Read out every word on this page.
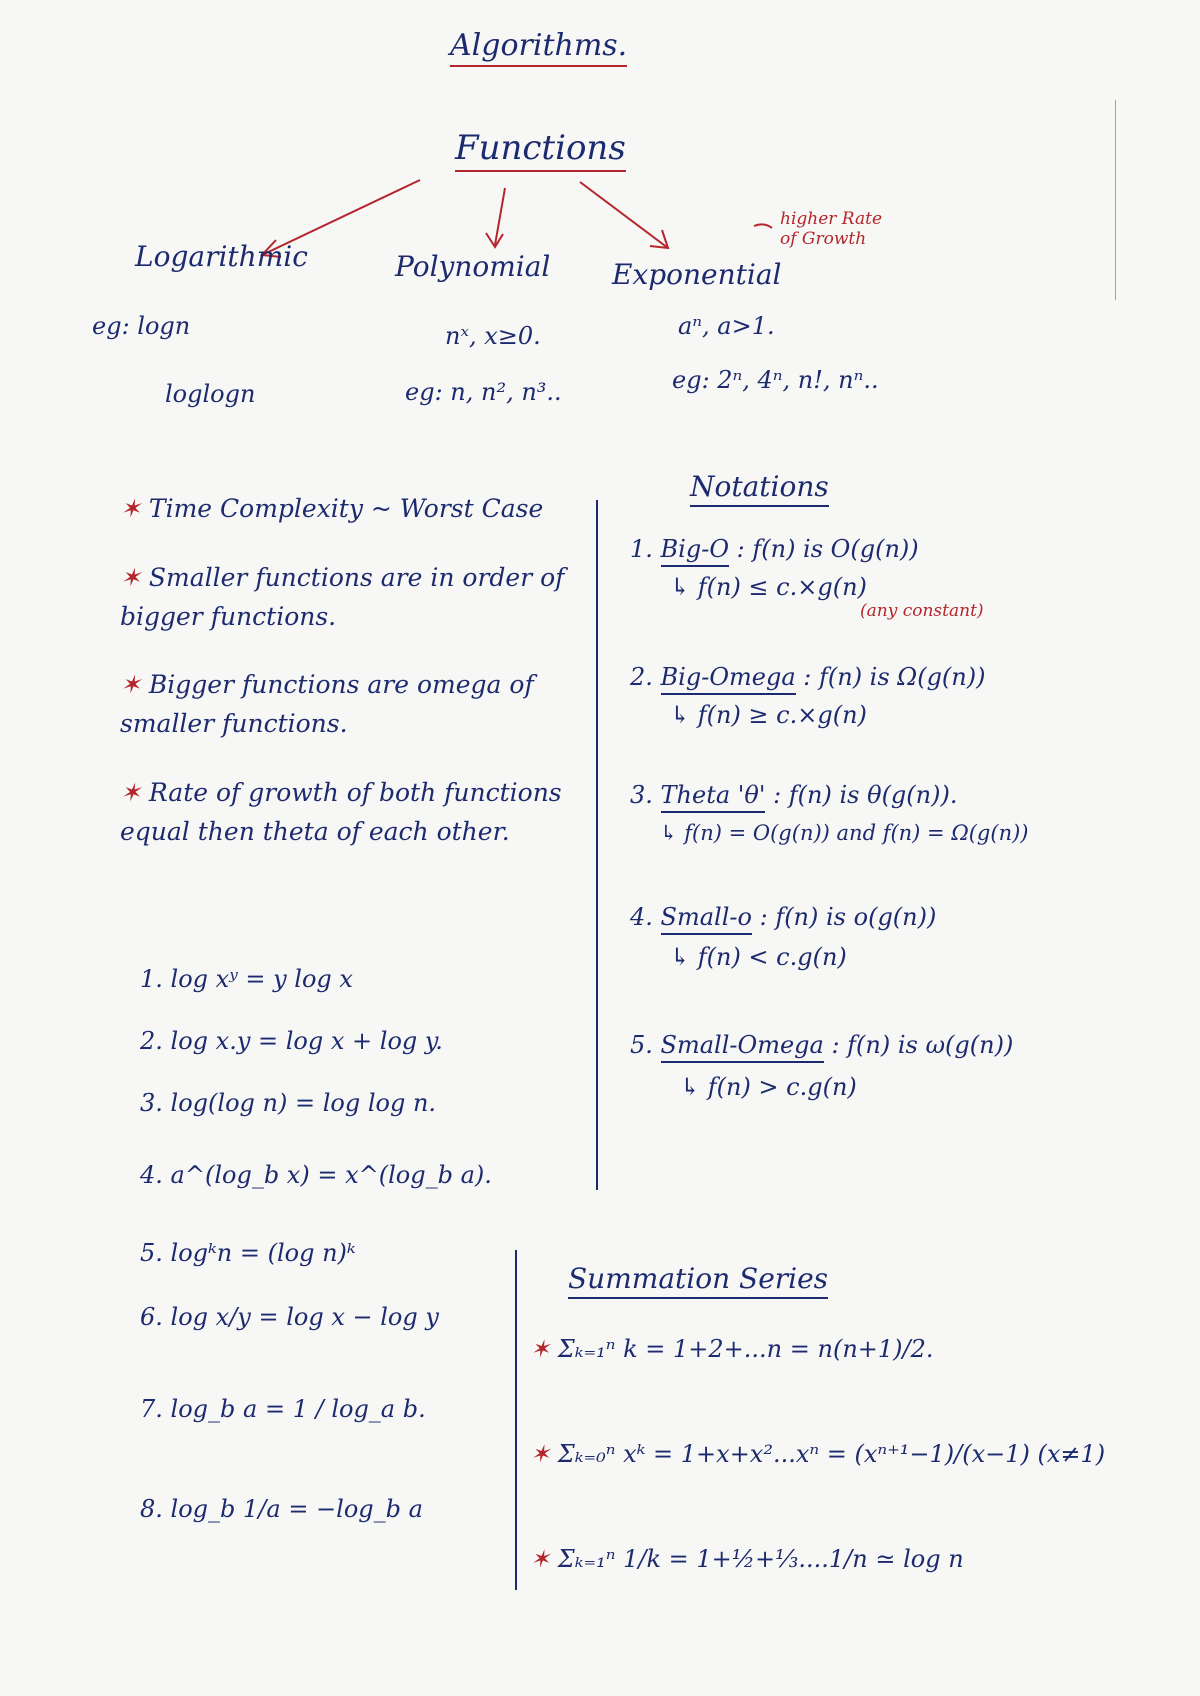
Algorithms.
Functions
Logarithmic
eg: logn
loglogn
Polynomial
nˣ, x≥0.
eg: n, n², n³..
Exponential
aⁿ, a>1.
eg: 2ⁿ, 4ⁿ, n!, nⁿ..
higher Rate of Growth
✶ Time Complexity ~ Worst Case
✶ Smaller functions are in order of bigger functions.
✶ Bigger functions are omega of smaller functions.
✶ Rate of growth of both functions equal then theta of each other.
Notations
1. Big-O : f(n) is O(g(n))
↳ f(n) ≤ c.×g(n)
(any constant)
2. Big-Omega : f(n) is Ω(g(n))
↳ f(n) ≥ c.×g(n)
3. Theta 'θ' : f(n) is θ(g(n)).
↳ f(n) = O(g(n)) and f(n) = Ω(g(n))
4. Small-o : f(n) is o(g(n))
↳ f(n) < c.g(n)
5. Small-Omega : f(n) is ω(g(n))
↳ f(n) > c.g(n)
1. log xʸ = y log x
2. log x.y = log x + log y.
3. log(log n) = log log n.
4. a^(log_b x) = x^(log_b a).
5. logᵏn = (log n)ᵏ
6. log x/y = log x − log y
7. log_b a = 1 / log_a b.
8. log_b 1/a = −log_b a
Summation Series
✶ Σₖ₌₁ⁿ k = 1+2+...n = n(n+1)/2.
✶ Σₖ₌₀ⁿ xᵏ = 1+x+x²...xⁿ = (xⁿ⁺¹−1)/(x−1) (x≠1)
✶ Σₖ₌₁ⁿ 1/k = 1+½+⅓....1/n ≃ log n
